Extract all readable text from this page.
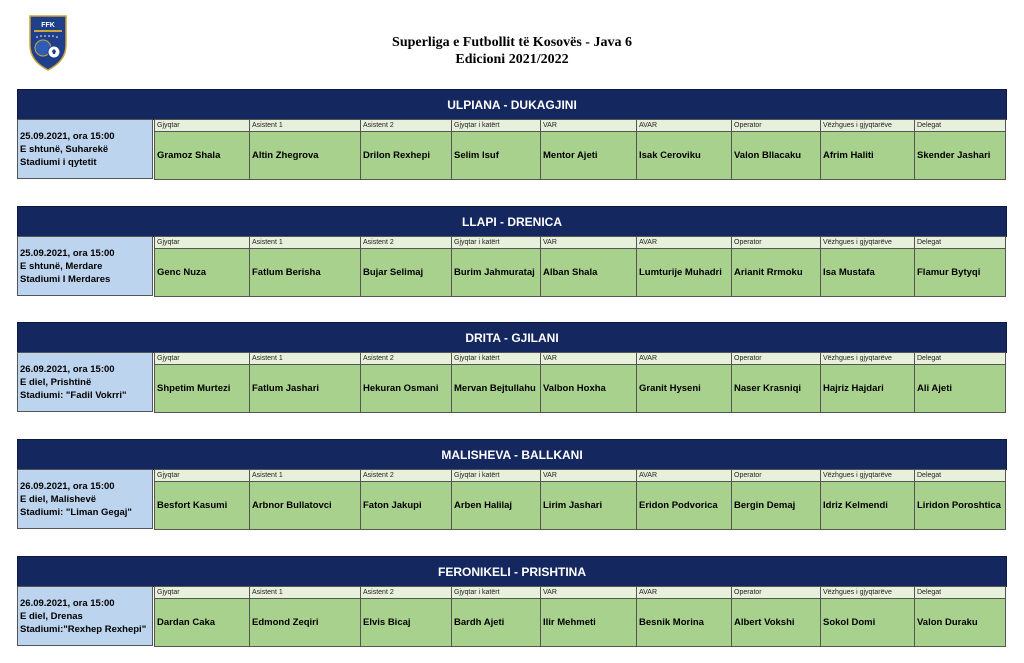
FFK
Superliga e Futbollit të Kosovës - Java 6
Edicioni 2021/2022
ULPIANA - DUKAGJINI
25.09.2021, ora 15:00
E shtunë, Suharekë
Stadiumi i qytetit
Gjyqtar
Gramoz Shala
Asistent 1
Altin Zhegrova
Asistent 2
Drilon Rexhepi
Gjyqtar i katërt
Selim Isuf
VAR
Mentor Ajeti
AVAR
Isak Ceroviku
Operator
Valon Bllacaku
Vëzhgues i gjyqtarëve
Afrim Haliti
Delegat
Skender Jashari
LLAPI - DRENICA
25.09.2021, ora 15:00
E shtunë, Merdare
Stadiumi I Merdares
Gjyqtar
Genc Nuza
Asistent 1
Fatlum Berisha
Asistent 2
Bujar Selimaj
Gjyqtar i katërt
Burim Jahmurataj
VAR
Alban Shala
AVAR
Lumturije Muhadri
Operator
Arianit Rrmoku
Vëzhgues i gjyqtarëve
Isa Mustafa
Delegat
Flamur Bytyqi
DRITA - GJILANI
26.09.2021, ora 15:00
E diel, Prishtinë
Stadiumi: "Fadil Vokrri"
Gjyqtar
Shpetim Murtezi
Asistent 1
Fatlum Jashari
Asistent 2
Hekuran Osmani
Gjyqtar i katërt
Mervan Bejtullahu
VAR
Valbon Hoxha
AVAR
Granit Hyseni
Operator
Naser Krasniqi
Vëzhgues i gjyqtarëve
Hajriz Hajdari
Delegat
Ali Ajeti
MALISHEVA - BALLKANI
26.09.2021, ora 15:00
E diel, Malishevë
Stadiumi: "Liman Gegaj"
Gjyqtar
Besfort Kasumi
Asistent 1
Arbnor Bullatovci
Asistent 2
Faton Jakupi
Gjyqtar i katërt
Arben Halilaj
VAR
Lirim Jashari
AVAR
Eridon Podvorica
Operator
Bergin Demaj
Vëzhgues i gjyqtarëve
Idriz Kelmendi
Delegat
Liridon Poroshtica
FERONIKELI - PRISHTINA
26.09.2021, ora 15:00
E diel, Drenas
Stadiumi:"Rexhep Rexhepi"
Gjyqtar
Dardan Caka
Asistent 1
Edmond Zeqiri
Asistent 2
Elvis Bicaj
Gjyqtar i katërt
Bardh Ajeti
VAR
Ilir Mehmeti
AVAR
Besnik Morina
Operator
Albert Vokshi
Vëzhgues i gjyqtarëve
Sokol Domi
Delegat
Valon Duraku
